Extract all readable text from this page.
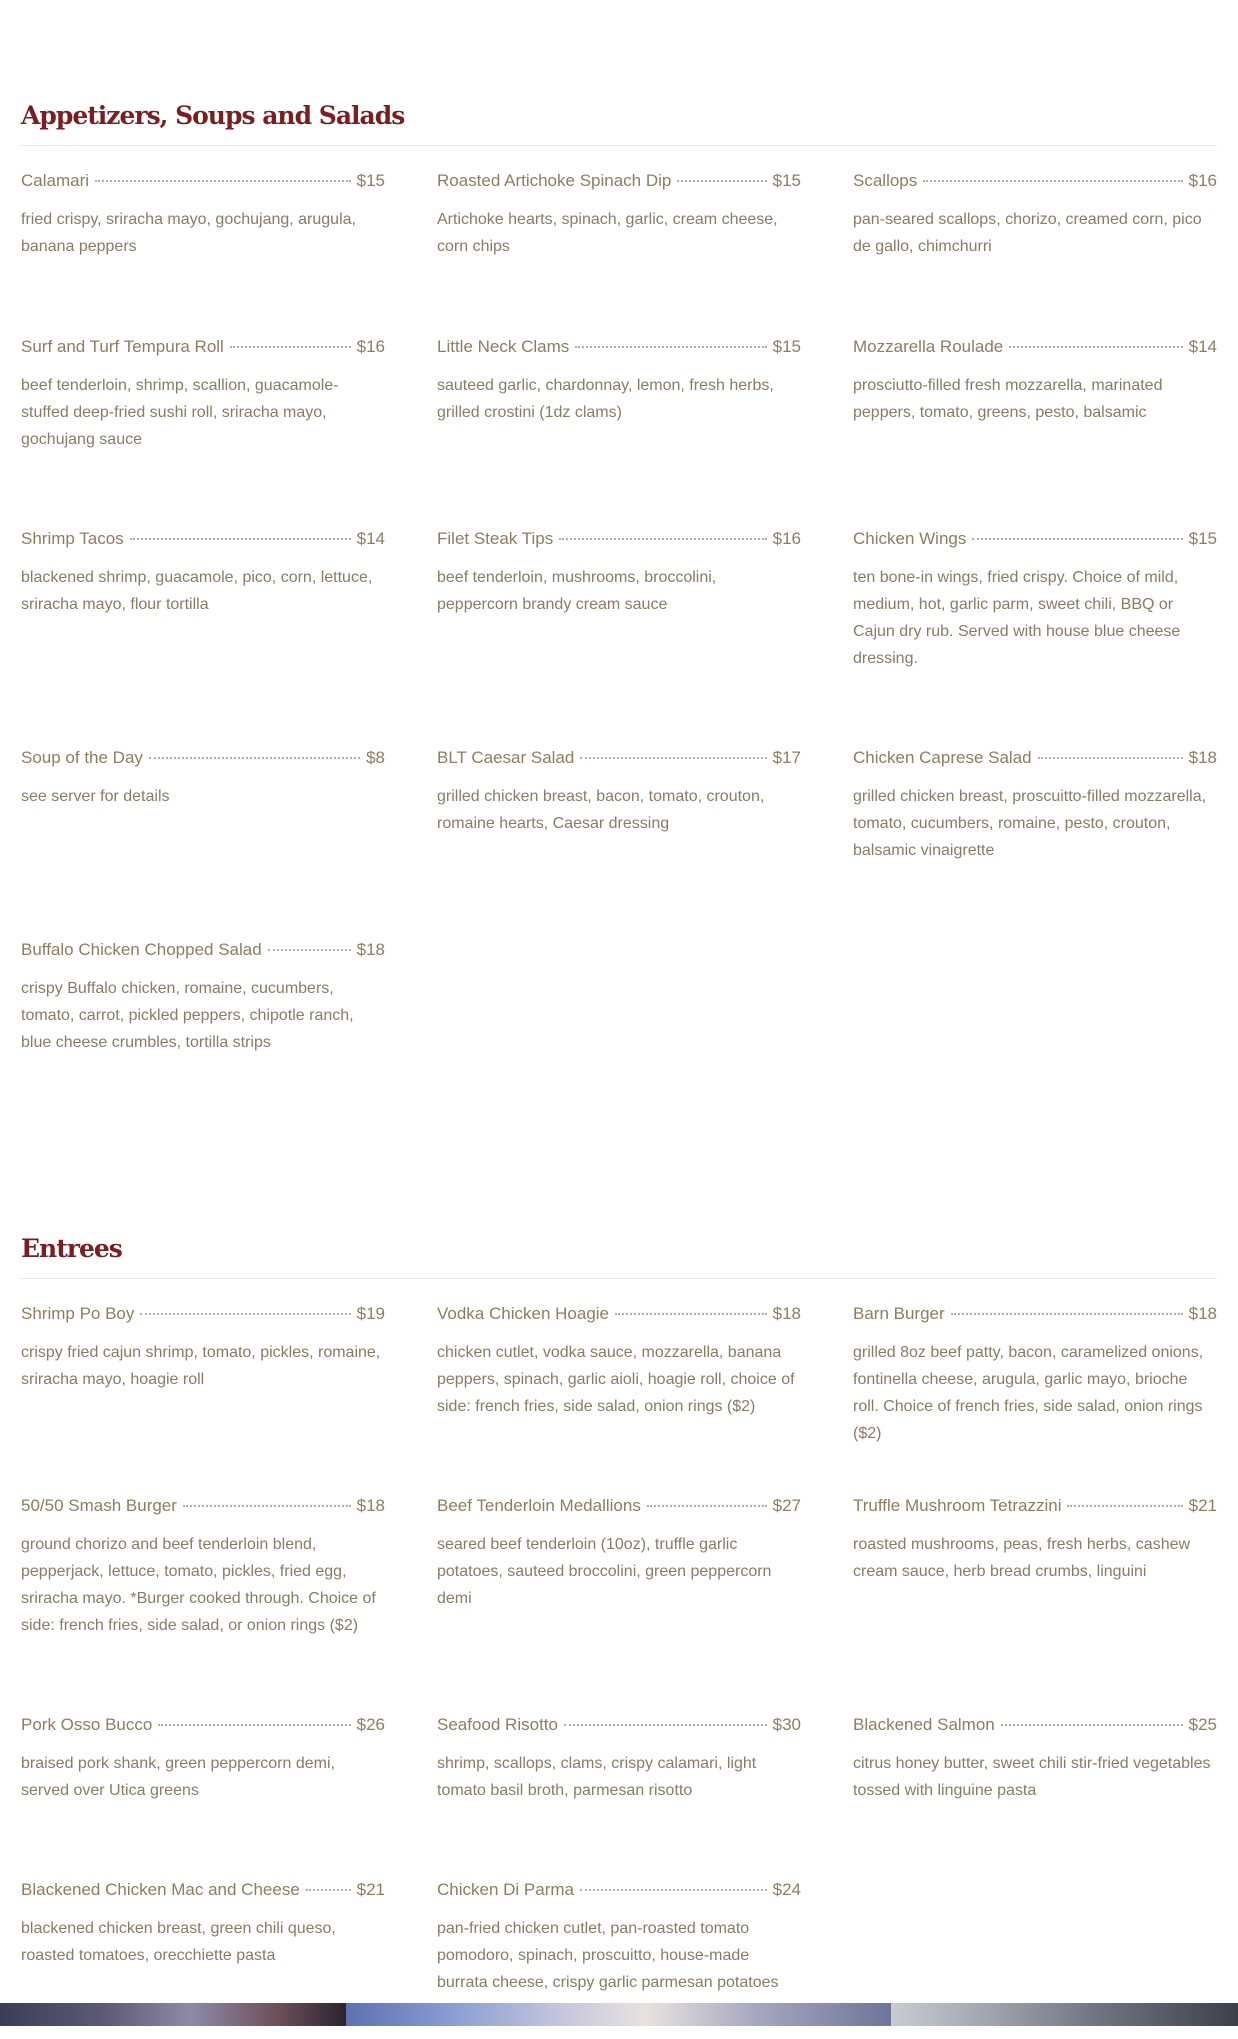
Appetizers, Soups and Salads
Calamari	$15
fried crispy, sriracha mayo, gochujang, arugula, banana peppers
Roasted Artichoke Spinach Dip	$15
Artichoke hearts, spinach, garlic, cream cheese, corn chips
Scallops	$16
pan-seared scallops, chorizo, creamed corn, pico de gallo, chimchurri
Surf and Turf Tempura Roll	$16
beef tenderloin, shrimp, scallion, guacamole-stuffed deep-fried sushi roll, sriracha mayo, gochujang sauce
Little Neck Clams	$15
sauteed garlic, chardonnay, lemon, fresh herbs, grilled crostini (1dz clams)
Mozzarella Roulade	$14
prosciutto-filled fresh mozzarella, marinated peppers, tomato, greens, pesto, balsamic
Shrimp Tacos	$14
blackened shrimp, guacamole, pico, corn, lettuce, sriracha mayo, flour tortilla
Filet Steak Tips	$16
beef tenderloin, mushrooms, broccolini, peppercorn brandy cream sauce
Chicken Wings	$15
ten bone-in wings, fried crispy. Choice of mild, medium, hot, garlic parm, sweet chili, BBQ or Cajun dry rub. Served with house blue cheese dressing.
Soup of the Day	$8
see server for details
BLT Caesar Salad	$17
grilled chicken breast, bacon, tomato, crouton, romaine hearts, Caesar dressing
Chicken Caprese Salad	$18
grilled chicken breast, proscuitto-filled mozzarella, tomato, cucumbers, romaine, pesto, crouton, balsamic vinaigrette
Buffalo Chicken Chopped Salad	$18
crispy Buffalo chicken, romaine, cucumbers, tomato, carrot, pickled peppers, chipotle ranch, blue cheese crumbles, tortilla strips
Entrees
Shrimp Po Boy	$19
crispy fried cajun shrimp, tomato, pickles, romaine, sriracha mayo, hoagie roll
Vodka Chicken Hoagie	$18
chicken cutlet, vodka sauce, mozzarella, banana peppers, spinach, garlic aioli, hoagie roll, choice of side: french fries, side salad, onion rings ($2)
Barn Burger	$18
grilled 8oz beef patty, bacon, caramelized onions, fontinella cheese, arugula, garlic mayo, brioche roll. Choice of french fries, side salad, onion rings ($2)
50/50 Smash Burger	$18
ground chorizo and beef tenderloin blend, pepperjack, lettuce, tomato, pickles, fried egg, sriracha mayo. *Burger cooked through. Choice of side: french fries, side salad, or onion rings ($2)
Beef Tenderloin Medallions	$27
seared beef tenderloin (10oz), truffle garlic potatoes, sauteed broccolini, green peppercorn demi
Truffle Mushroom Tetrazzini	$21
roasted mushrooms, peas, fresh herbs, cashew cream sauce, herb bread crumbs, linguini
Pork Osso Bucco	$26
braised pork shank, green peppercorn demi, served over Utica greens
Seafood Risotto	$30
shrimp, scallops, clams, crispy calamari, light tomato basil broth, parmesan risotto
Blackened Salmon	$25
citrus honey butter, sweet chili stir-fried vegetables tossed with linguine pasta
Blackened Chicken Mac and Cheese	$21
blackened chicken breast, green chili queso, roasted tomatoes, orecchiette pasta
Chicken Di Parma	$24
pan-fried chicken cutlet, pan-roasted tomato pomodoro, spinach, proscuitto, house-made burrata cheese, crispy garlic parmesan potatoes
